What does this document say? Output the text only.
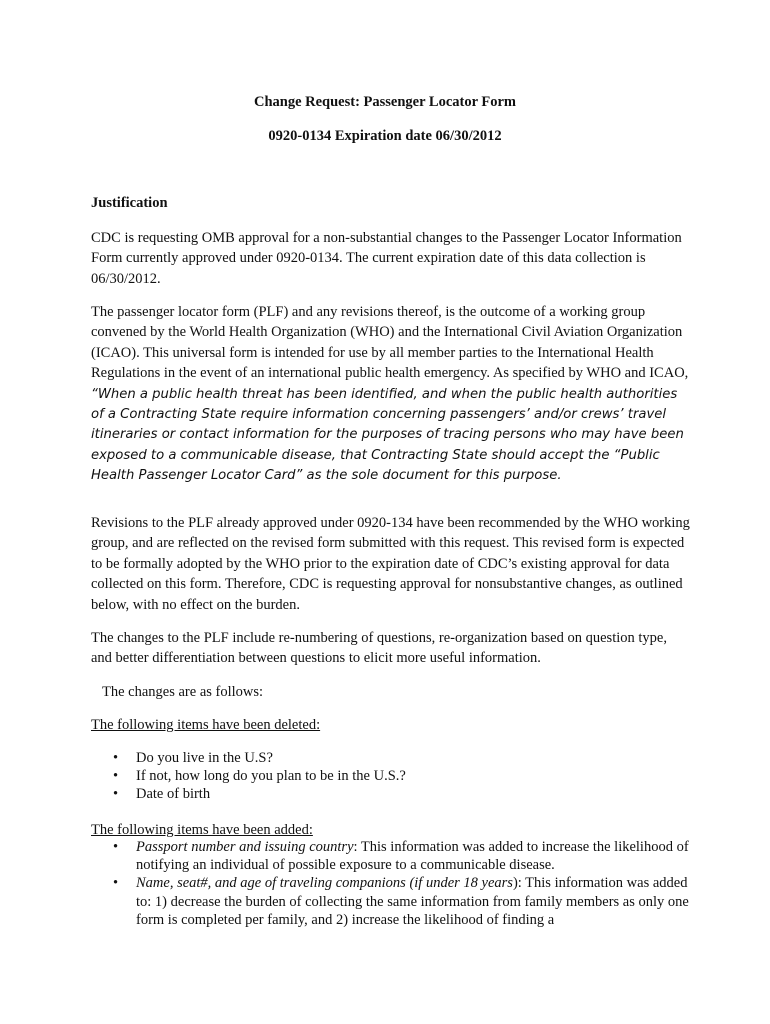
Change Request: Passenger Locator Form
0920-0134 Expiration date 06/30/2012
Justification

CDC is requesting OMB approval for a non-substantial changes to the Passenger Locator Information Form currently approved under 0920-0134. The current expiration date of this data collection is 06/30/2012.

The passenger locator form (PLF) and any revisions thereof, is the outcome of a working group convened by the World Health Organization (WHO) and the International Civil Aviation Organization (ICAO). This universal form is intended for use by all member parties to the International Health Regulations in the event of an international public health emergency. As specified by WHO and ICAO, “When a public health threat has been identified, and when the public health authorities of a Contracting State require information concerning passengers’ and/or crews’ travel itineraries or contact information for the purposes of tracing persons who may have been exposed to a communicable disease, that Contracting State should accept the “Public Health Passenger Locator Card” as the sole document for this purpose.

Revisions to the PLF already approved under 0920-134 have been recommended by the WHO working group, and are reflected on the revised form submitted with this request. This revised form is expected to be formally adopted by the WHO prior to the expiration date of CDC’s existing approval for data collected on this form. Therefore, CDC is requesting approval for nonsubstantive changes, as outlined below, with no effect on the burden.

The changes to the PLF include re-numbering of questions, re-organization based on question type, and better differentiation between questions to elicit more useful information.

The changes are as follows:

The following items have been deleted:

• Do you live in the U.S?
• If not, how long do you plan to be in the U.S.?
• Date of birth

The following items have been added:

• Passport number and issuing country: This information was added to increase the likelihood of notifying an individual of possible exposure to a communicable disease.
• Name, seat#, and age of traveling companions (if under 18 years): This information was added to: 1) decrease the burden of collecting the same information from family members as only one form is completed per family, and 2) increase the likelihood of finding a
